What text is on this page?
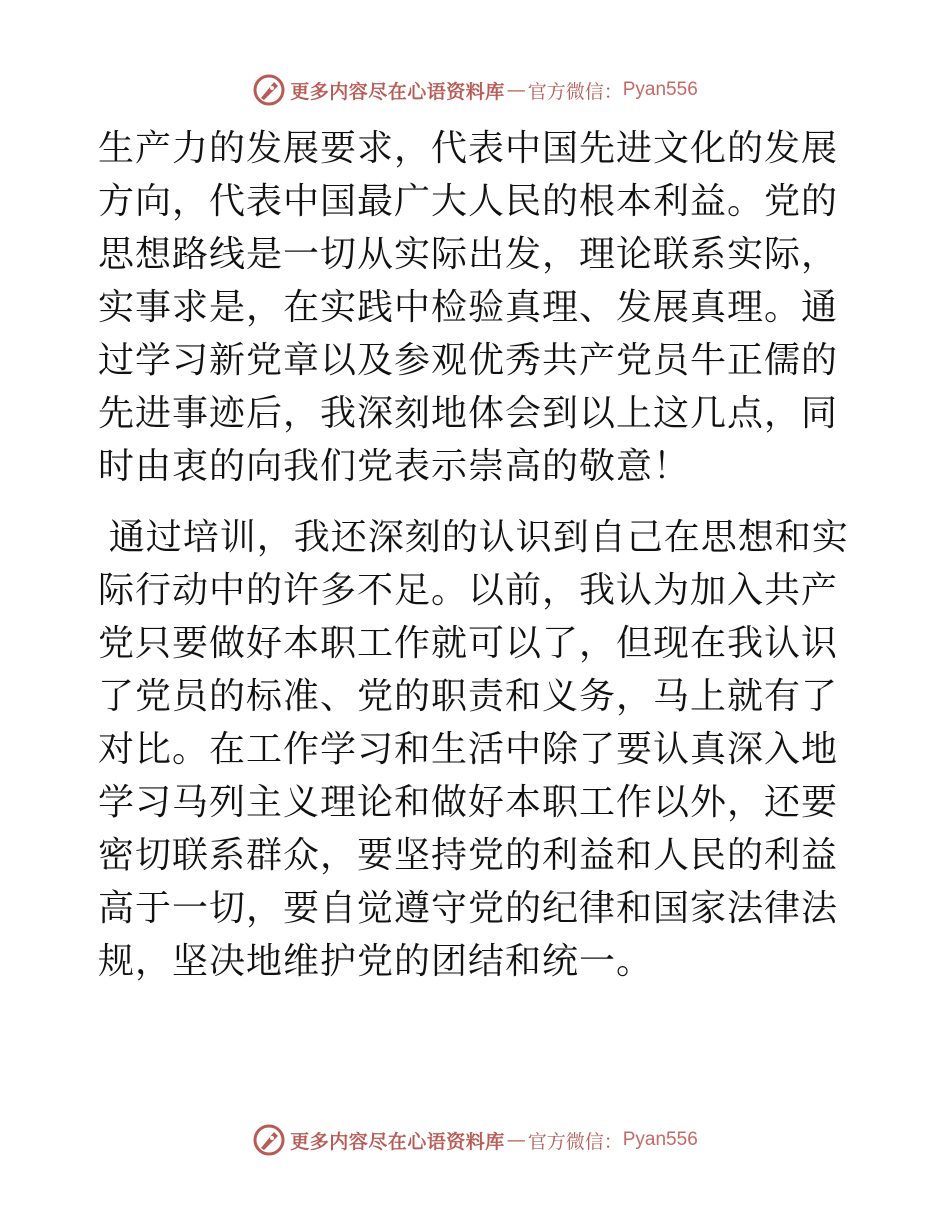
更多内容尽在心语资料库 — 官方微信： Pyan556

生产力的发展要求，代表中国先进文化的发展方向，代表中国最广大人民的根本利益。党的思想路线是一切从实际出发，理论联系实际，实事求是，在实践中检验真理、发展真理。通过学习新党章以及参观优秀共产党员牛正儒的先进事迹后，我深刻地体会到以上这几点，同时由衷的向我们党表示崇高的敬意！

通过培训，我还深刻的认识到自己在思想和实际行动中的许多不足。以前，我认为加入共产党只要做好本职工作就可以了，但现在我认识了党员的标准、党的职责和义务，马上就有了对比。在工作学习和生活中除了要认真深入地学习马列主义理论和做好本职工作以外，还要密切联系群众，要坚持党的利益和人民的利益高于一切，要自觉遵守党的纪律和国家法律法规，坚决地维护党的团结和统一。

更多内容尽在心语资料库 — 官方微信： Pyan556
